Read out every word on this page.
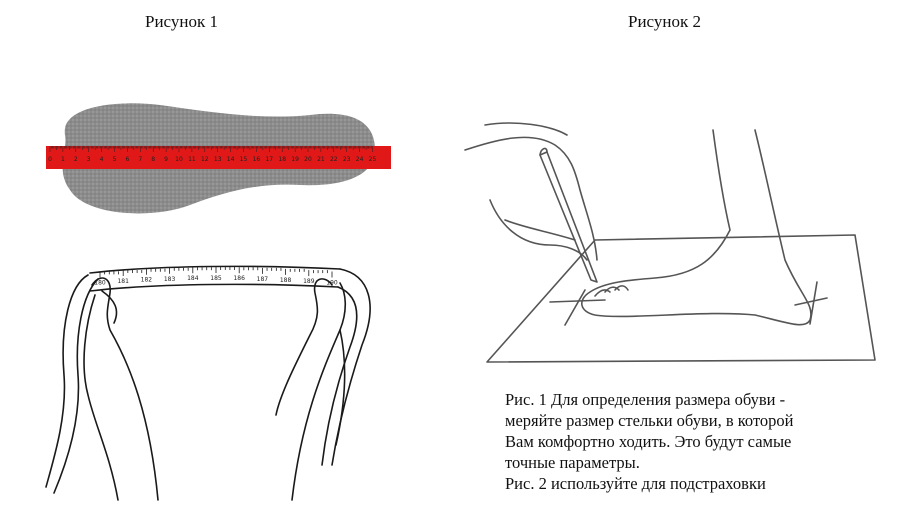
Рисунок 1	Рисунок 2
0 1 2 3 4 5 6 7 8 9 10 11 12 13 14 15 16 17 18 19 20 21 22 23 24 25
180 181 182 183 184 185 186 187 188 189 190
Рис. 1 Для определения размера обуви -
меряйте размер стельки обуви, в которой
Вам комфортно ходить. Это будут самые
точные параметры.
Рис. 2 используйте для подстраховки
